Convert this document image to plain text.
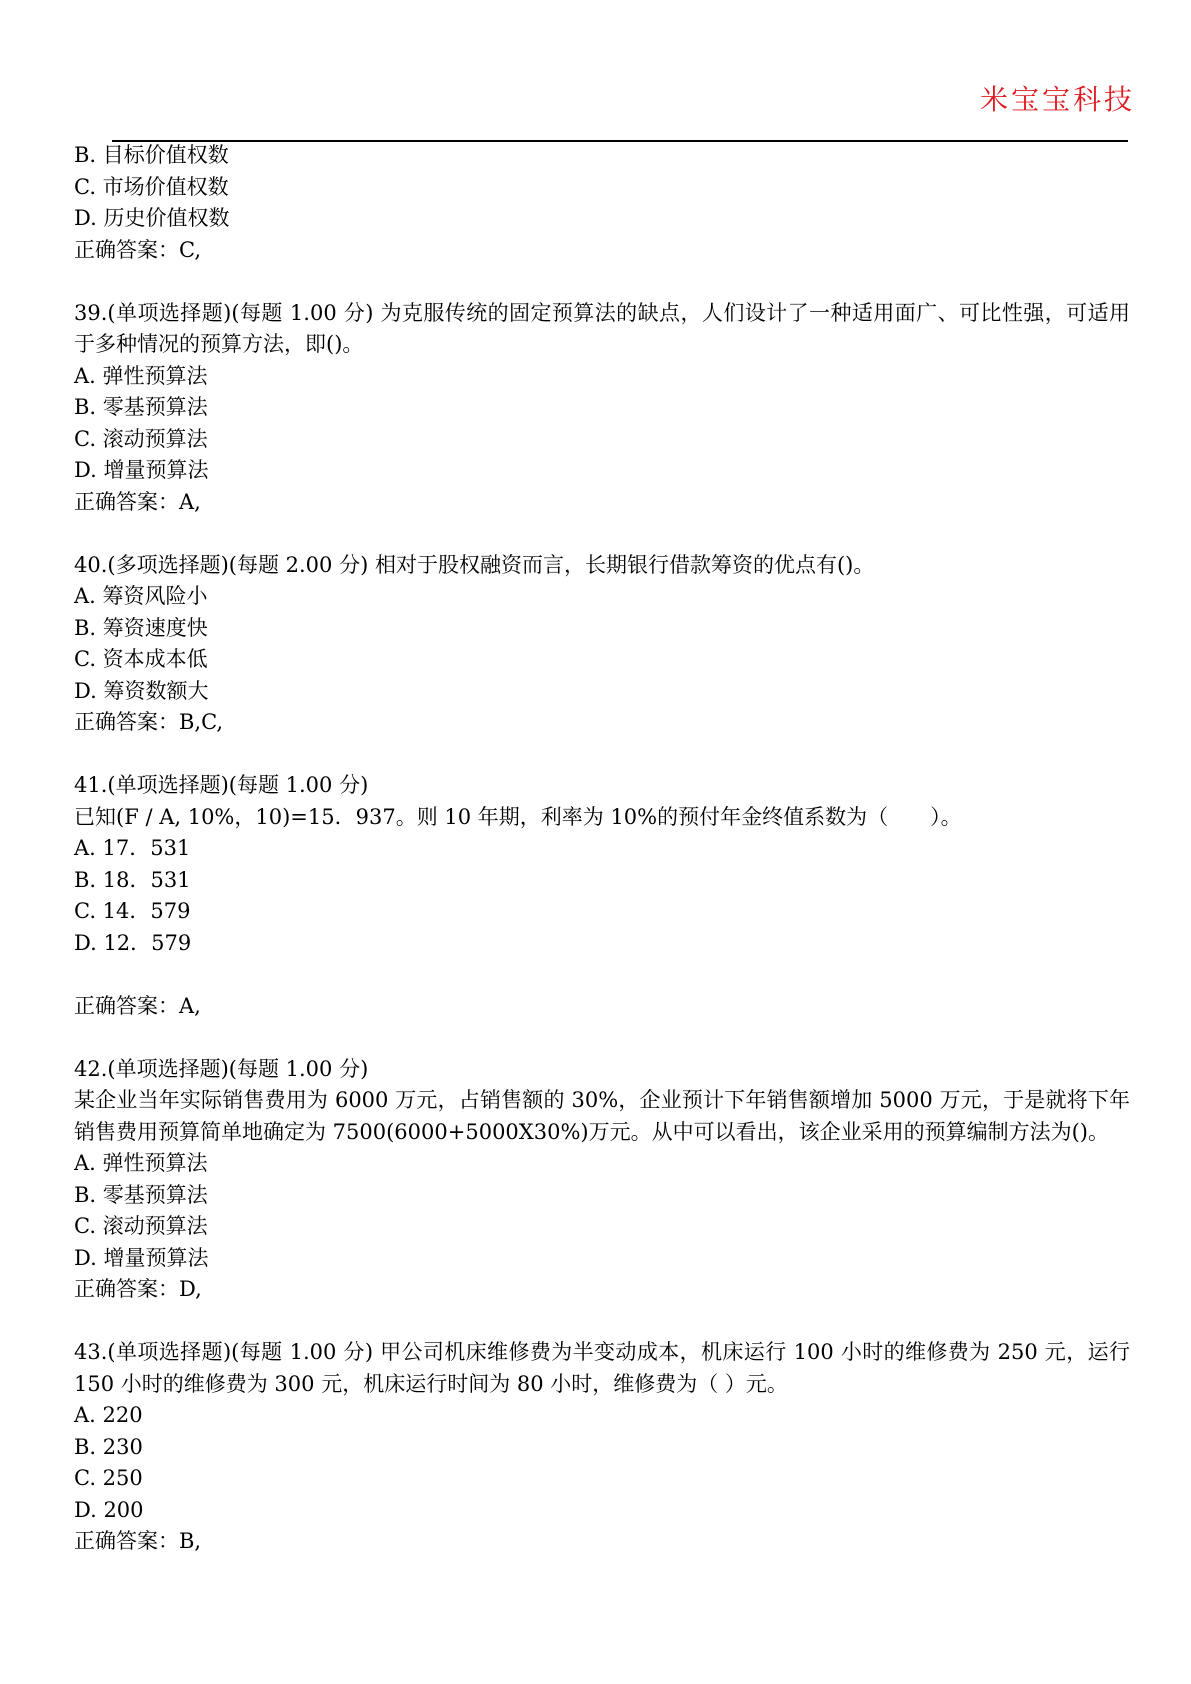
米宝宝科技
B. 目标价值权数
C. 市场价值权数
D. 历史价值权数
正确答案：C,
39.(单项选择题)(每题 1.00 分) 为克服传统的固定预算法的缺点，人们设计了一种适用面广、可比性强，可适用于多种情况的预算方法，即()。
A. 弹性预算法
B. 零基预算法
C. 滚动预算法
D. 增量预算法
正确答案：A,
40.(多项选择题)(每题 2.00 分) 相对于股权融资而言，长期银行借款筹资的优点有()。
A. 筹资风险小
B. 筹资速度快
C. 资本成本低
D. 筹资数额大
正确答案：B,C,
41.(单项选择题)(每题 1.00 分)
已知(F / A, 10%，10)=15．937。则 10 年期，利率为 10%的预付年金终值系数为（　　）。
A. 17．531
B. 18．531
C. 14．579
D. 12．579
正确答案：A,
42.(单项选择题)(每题 1.00 分)
某企业当年实际销售费用为 6000 万元，占销售额的 30%，企业预计下年销售额增加 5000 万元，于是就将下年销售费用预算简单地确定为 7500(6000+5000X30%)万元。从中可以看出，该企业采用的预算编制方法为()。
A. 弹性预算法
B. 零基预算法
C. 滚动预算法
D. 增量预算法
正确答案：D,
43.(单项选择题)(每题 1.00 分) 甲公司机床维修费为半变动成本，机床运行 100 小时的维修费为 250 元，运行 150 小时的维修费为 300 元，机床运行时间为 80 小时，维修费为（ ）元。
A. 220
B. 230
C. 250
D. 200
正确答案：B,
